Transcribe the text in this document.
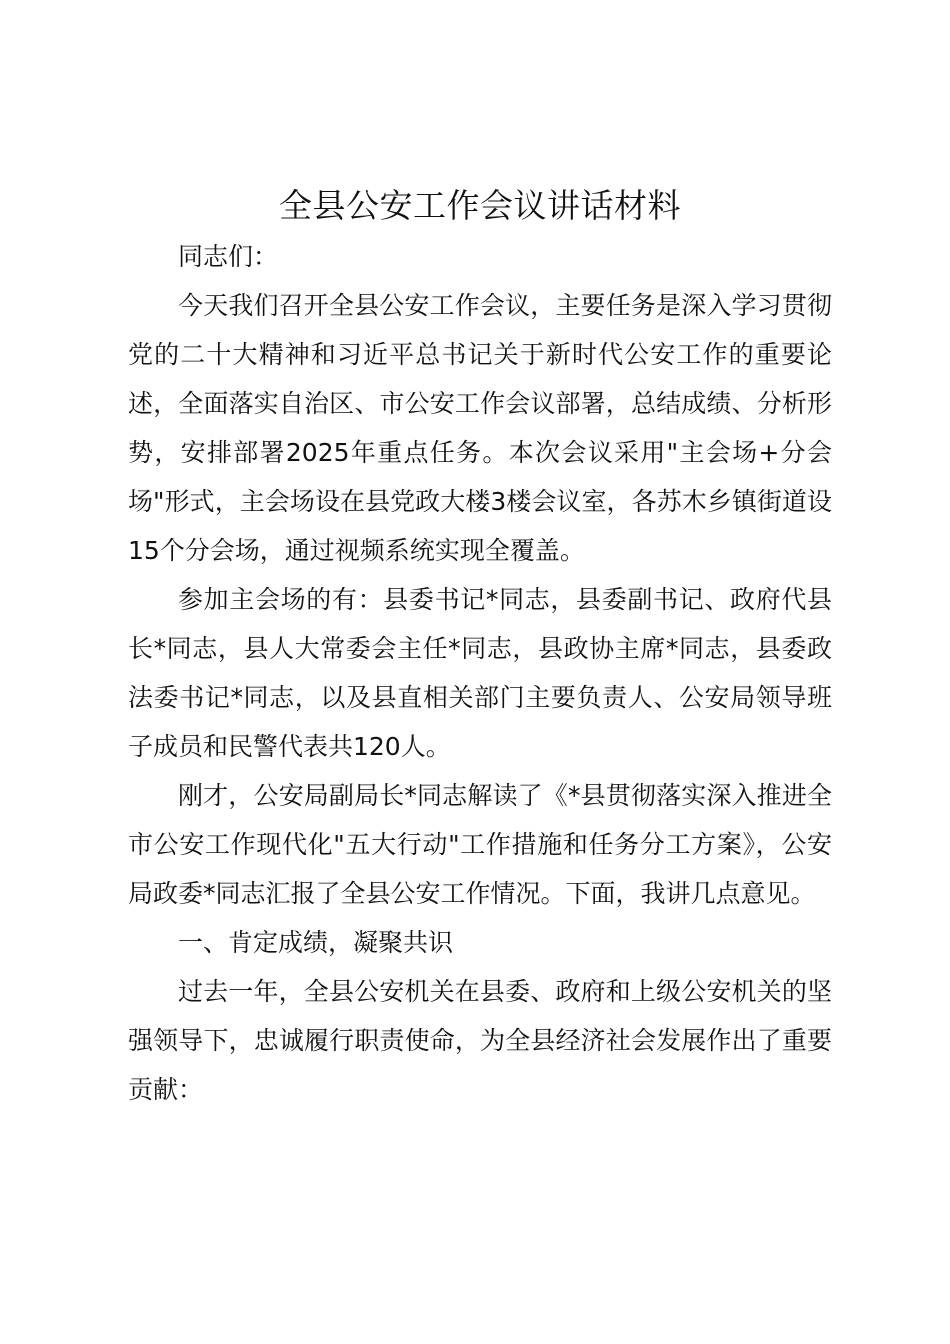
全县公安工作会议讲话材料

同志们：

今天我们召开全县公安工作会议，主要任务是深入学习贯彻党的二十大精神和习近平总书记关于新时代公安工作的重要论述，全面落实自治区、市公安工作会议部署，总结成绩、分析形势，安排部署2025年重点任务。本次会议采用"主会场+分会场"形式，主会场设在县党政大楼3楼会议室，各苏木乡镇街道设15个分会场，通过视频系统实现全覆盖。

参加主会场的有：县委书记*同志，县委副书记、政府代县长*同志，县人大常委会主任*同志，县政协主席*同志，县委政法委书记*同志，以及县直相关部门主要负责人、公安局领导班子成员和民警代表共120人。

刚才，公安局副局长*同志解读了《*县贯彻落实深入推进全市公安工作现代化"五大行动"工作措施和任务分工方案》，公安局政委*同志汇报了全县公安工作情况。下面，我讲几点意见。

一、肯定成绩，凝聚共识

过去一年，全县公安机关在县委、政府和上级公安机关的坚强领导下，忠诚履行职责使命，为全县经济社会发展作出了重要贡献：
